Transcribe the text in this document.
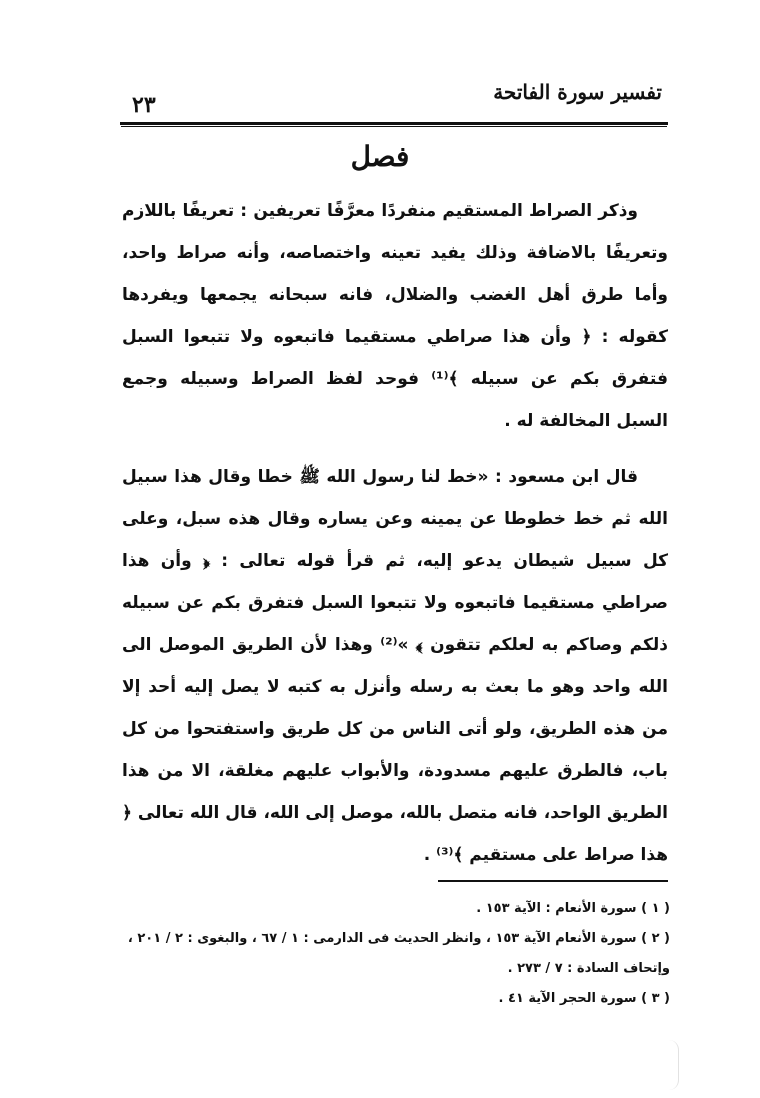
تفسير سورة الفاتحة
٢٣
فصل

وذكر الصراط المستقيم منفردًا معرَّفًا تعريفين : تعريفًا باللازم وتعريفًا بالاضافة وذلك يفيد تعينه واختصاصه، وأنه صراط واحد، وأما طرق أهل الغضب والضلال، فانه سبحانه يجمعها ويفردها كقوله : ﴿ وأن هذا صراطي مستقيما فاتبعوه ولا تتبعوا السبل فتفرق بكم عن سبيله ﴾⁽¹⁾ فوحد لفظ الصراط وسبيله وجمع السبل المخالفة له .

قال ابن مسعود : «خط لنا رسول الله ﷺ خطا وقال هذا سبيل الله ثم خط خطوطا عن يمينه وعن يساره وقال هذه سبل، وعلى كل سبيل شيطان يدعو إليه، ثم قرأ قوله تعالى : ﴿ وأن هذا صراطي مستقيما فاتبعوه ولا تتبعوا السبل فتفرق بكم عن سبيله ذلكم وصاكم به لعلكم تتقون ﴾ »⁽²⁾ وهذا لأن الطريق الموصل الى الله واحد وهو ما بعث به رسله وأنزل به كتبه لا يصل إليه أحد إلا من هذه الطريق، ولو أتى الناس من كل طريق واستفتحوا من كل باب، فالطرق عليهم مسدودة، والأبواب عليهم مغلقة، الا من هذا الطريق الواحد، فانه متصل بالله، موصل إلى الله، قال الله تعالى ﴿ هذا صراط على مستقيم ﴾⁽³⁾ .

( ١ ) سورة الأنعام : الآية ١٥٣ .

( ٢ ) سورة الأنعام الآية ١٥٣ ، وانظر الحديث فى الدارمى : ١ / ٦٧ ، والبغوى : ٢ / ٢٠١ ، وإتحاف السادة : ٧ / ٢٧٣ .

( ٣ ) سورة الحجر الآية ٤١ .
